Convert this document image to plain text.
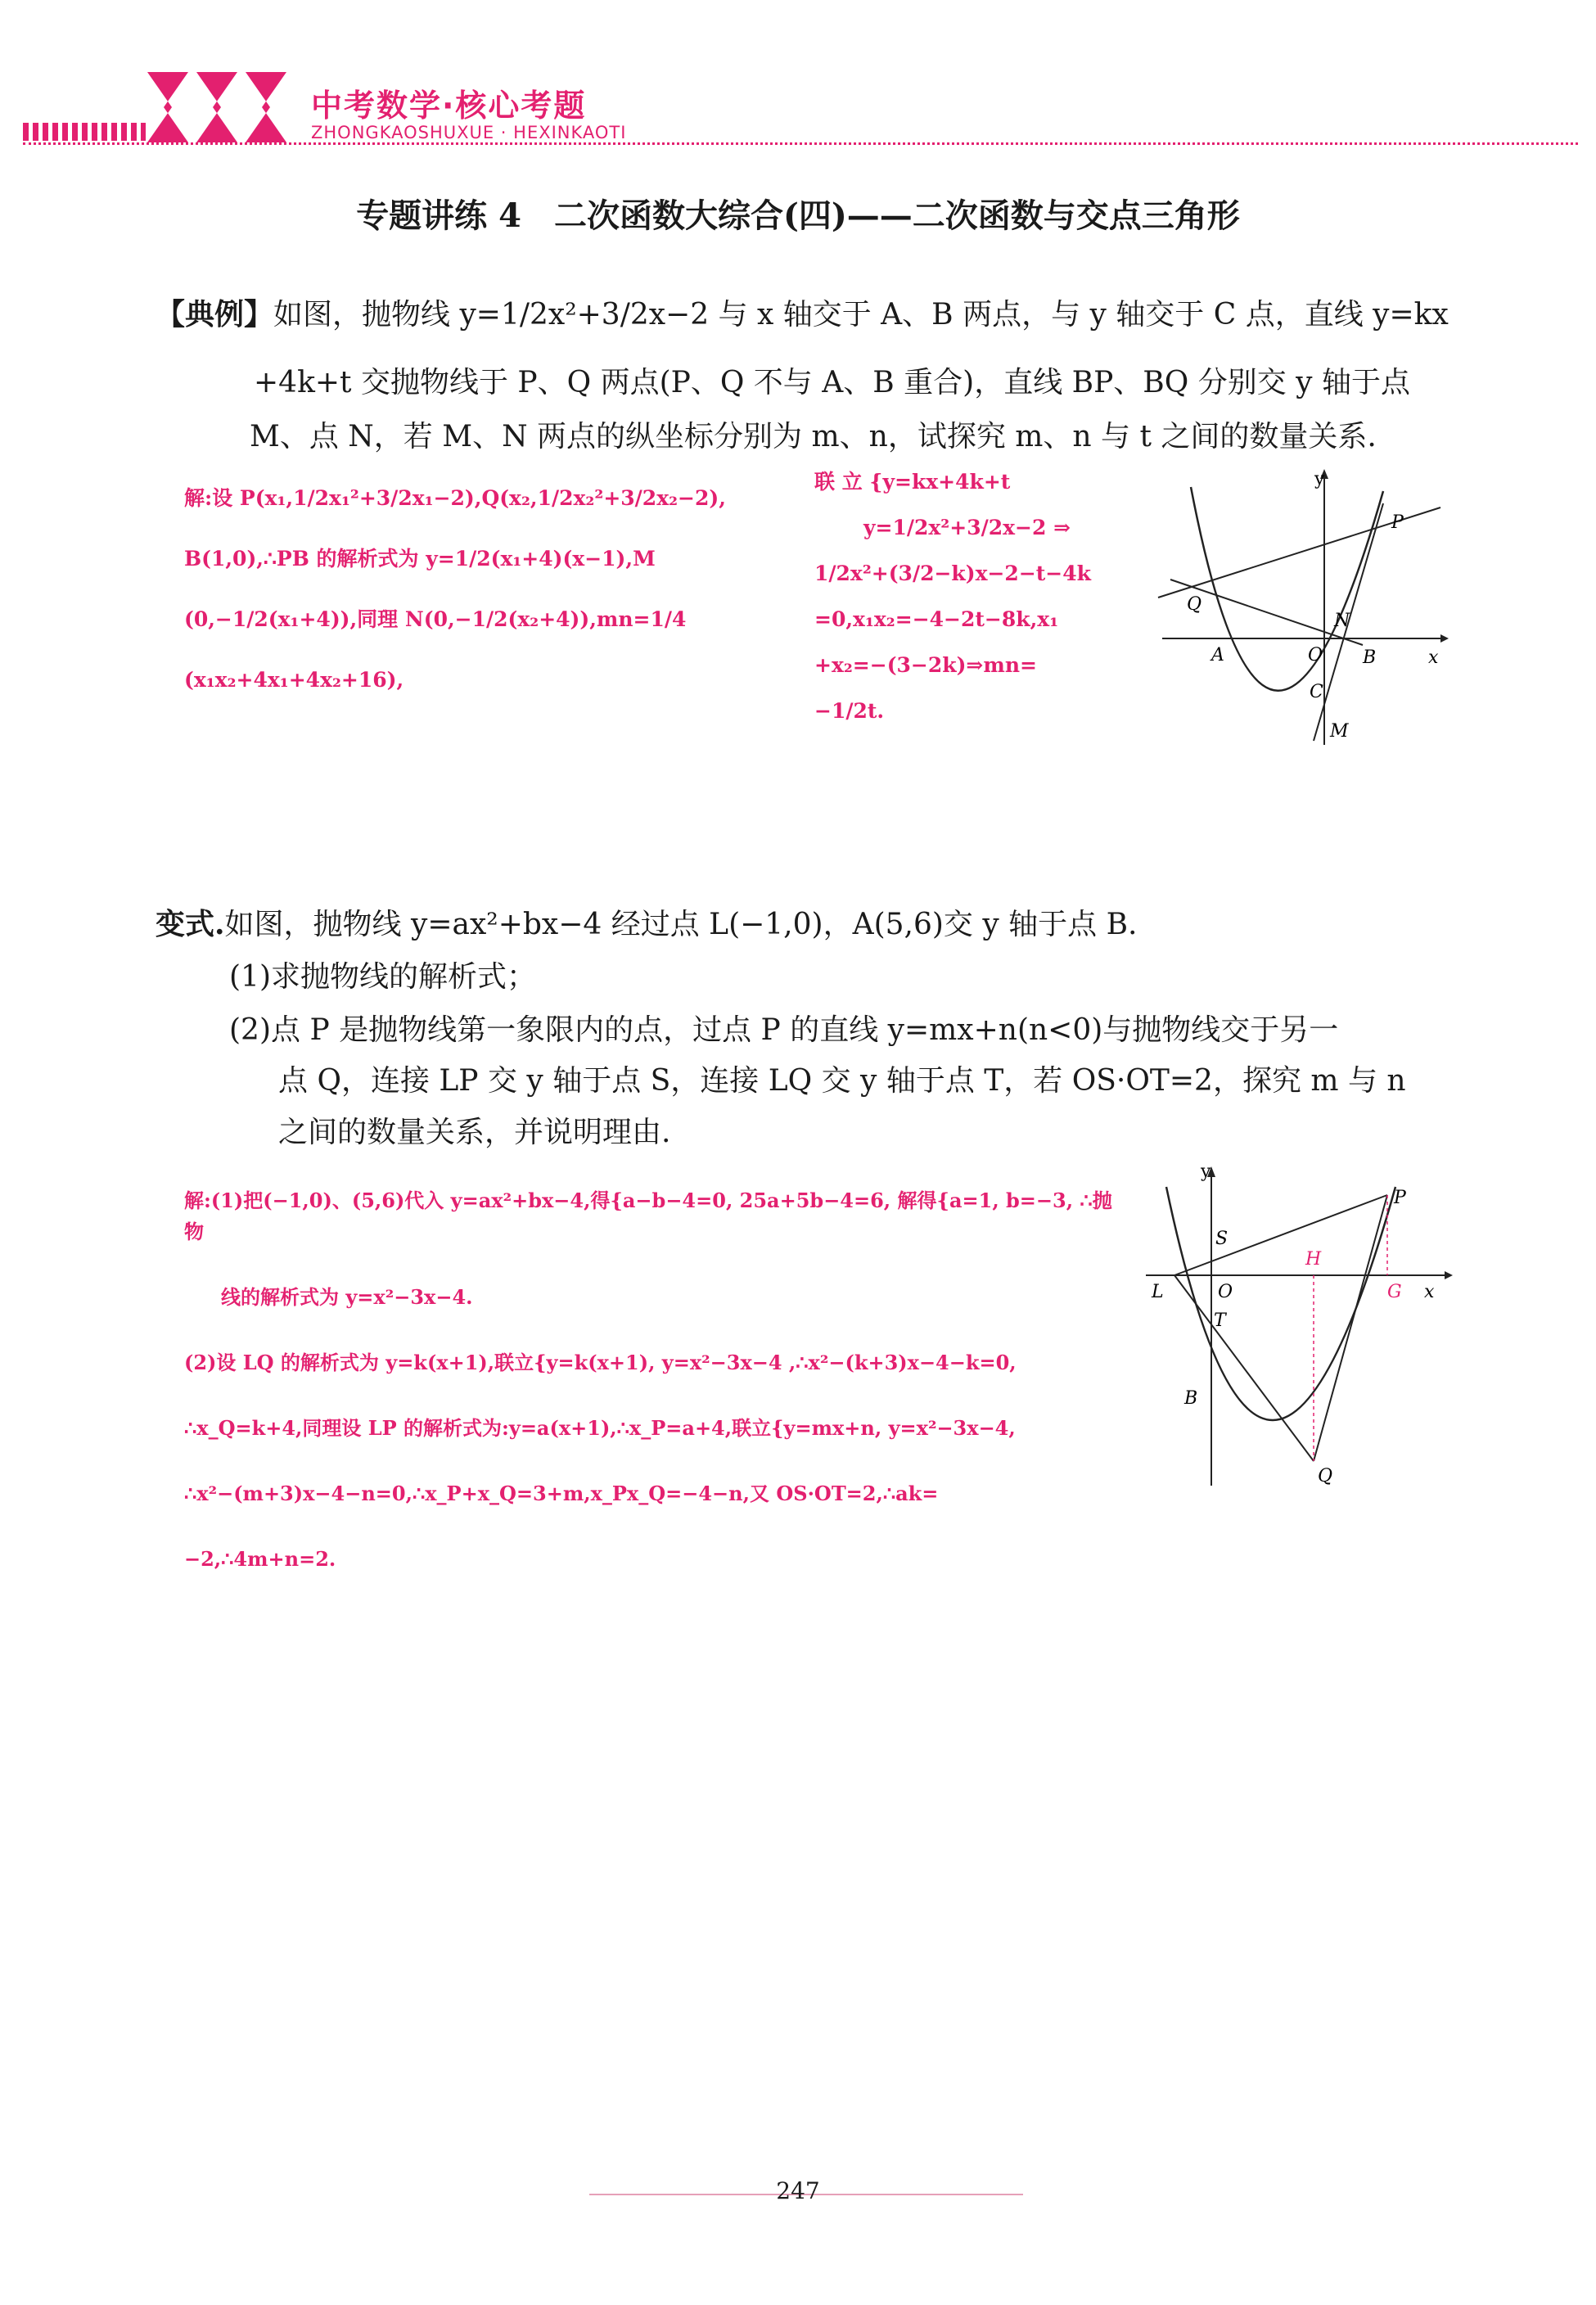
中考数学·核心考题
ZHONGKAOSHUXUE · HEXINKAOTI
专题讲练 4　二次函数大综合(四)——二次函数与交点三角形
【典例】如图，抛物线 y=1/2x²+3/2x−2 与 x 轴交于 A、B 两点，与 y 轴交于 C 点，直线 y=kx
+4k+t 交抛物线于 P、Q 两点(P、Q 不与 A、B 重合)，直线 BP、BQ 分别交 y 轴于点
M、点 N，若 M、N 两点的纵坐标分别为 m、n，试探究 m、n 与 t 之间的数量关系.
解:设 P(x₁,1/2x₁²+3/2x₁−2),Q(x₂,1/2x₂²+3/2x₂−2),
B(1,0),∴PB 的解析式为 y=1/2(x₁+4)(x−1),M
(0,−1/2(x₁+4)),同理 N(0,−1/2(x₂+4)),mn=1/4
(x₁x₂+4x₁+4x₂+16),
联 立 {y=kx+4k+t
y=1/2x²+3/2x−2 ⇒
1/2x²+(3/2−k)x−2−t−4k
=0,x₁x₂=−4−2t−8k,x₁
+x₂=−(3−2k)⇒mn=
−1/2t.
y
x
P
Q
N
A	O B
C
M
变式.如图，抛物线 y=ax²+bx−4 经过点 L(−1,0)，A(5,6)交 y 轴于点 B.
(1)求抛物线的解析式；
(2)点 P 是抛物线第一象限内的点，过点 P 的直线 y=mx+n(n<0)与抛物线交于另一
点 Q，连接 LP 交 y 轴于点 S，连接 LQ 交 y 轴于点 T，若 OS·OT=2，探究 m 与 n
之间的数量关系，并说明理由.
解:(1)把(−1,0)、(5,6)代入 y=ax²+bx−4,得{a−b−4=0, 25a+5b−4=6, 解得{a=1, b=−3, ∴抛物
线的解析式为 y=x²−3x−4.
(2)设 LQ 的解析式为 y=k(x+1),联立{y=k(x+1), y=x²−3x−4 ,∴x²−(k+3)x−4−k=0,
∴x_Q=k+4,同理设 LP 的解析式为:y=a(x+1),∴x_P=a+4,联立{y=mx+n, y=x²−3x−4,
∴x²−(m+3)x−4−n=0,∴x_P+x_Q=3+m,x_Px_Q=−4−n,又 OS·OT=2,∴ak=
−2,∴4m+n=2.
y
x
P
S
H
L	O	G
T
B
Q
247
